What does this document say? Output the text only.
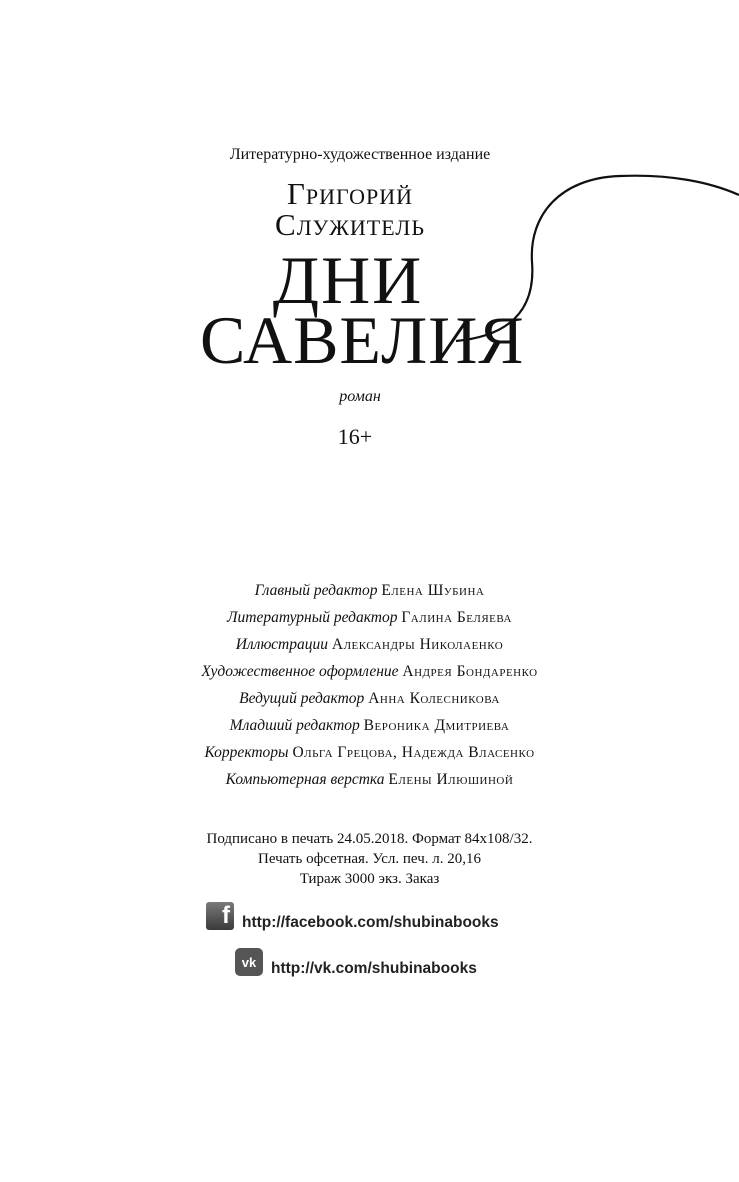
Литературно-художественное издание
Григорий
Служитель
ДНИ
САВЕЛИЯ
роман
16+
Главный редактор Елена Шубина
Литературный редактор Галина Беляева
Иллюстрации Александры Николаенко
Художественное оформление Андрея Бондаренко
Ведущий редактор Анна Колесникова
Младший редактор Вероника Дмитриева
Корректоры Ольга Грецова, Надежда Власенко
Компьютерная верстка Елены Илюшиной
Подписано в печать 24.05.2018. Формат 84x108/32.
Печать офсетная. Усл. печ. л. 20,16
Тираж 3000 экз. Заказ
f http://facebook.com/shubinabooks
vk http://vk.com/shubinabooks
